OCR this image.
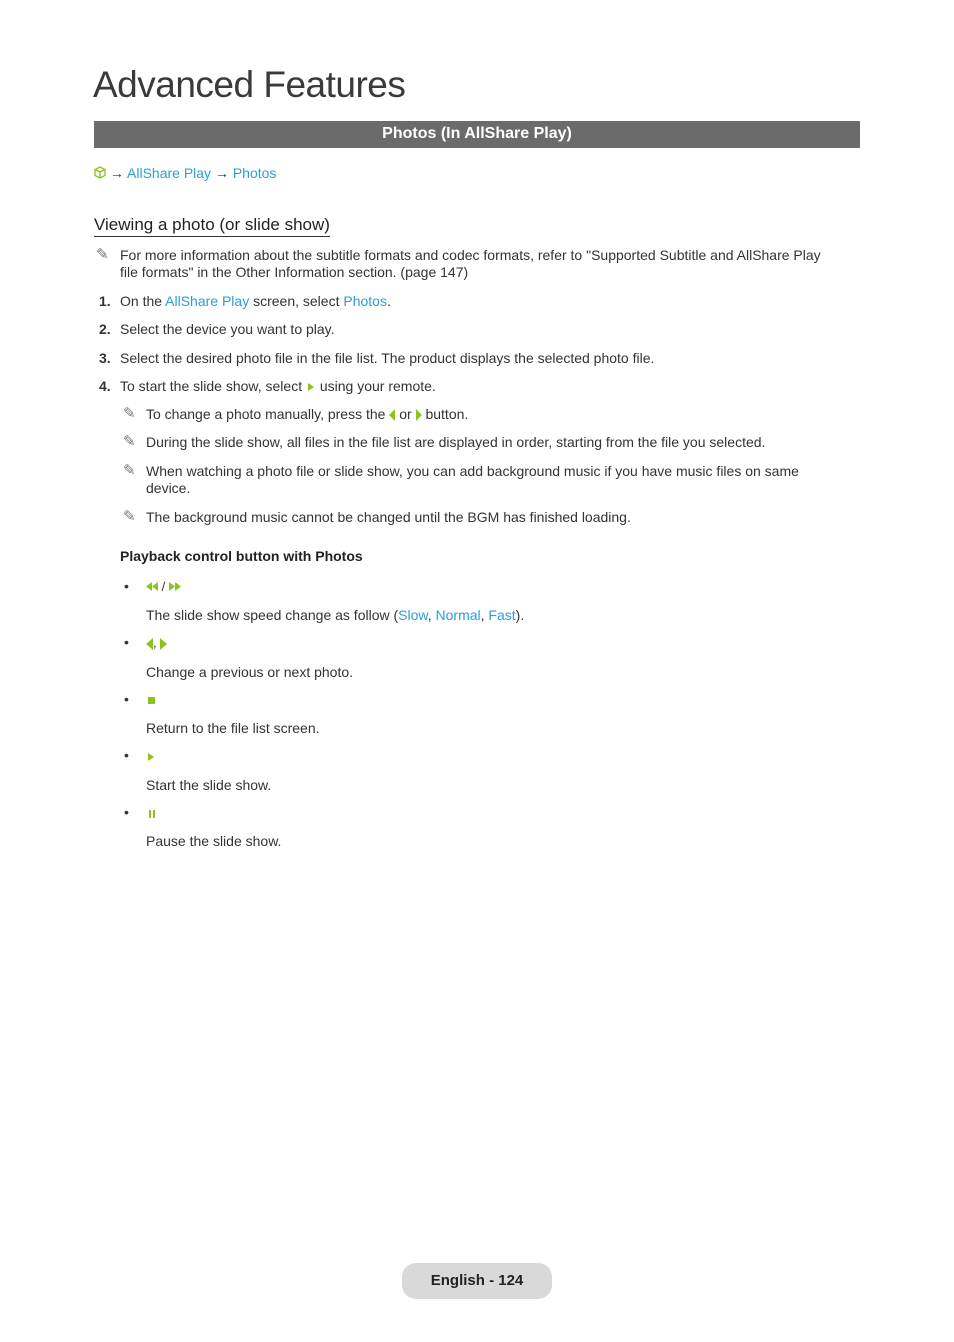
Advanced Features
Photos (In AllShare Play)
→ AllShare Play → Photos
Viewing a photo (or slide show)
✎ For more information about the subtitle formats and codec formats, refer to "Supported Subtitle and AllShare Play
file formats" in the Other Information section. (page 147)
1. On the AllShare Play screen, select Photos.
2. Select the device you want to play.
3. Select the desired photo file in the file list. The product displays the selected photo file.
4. To start the slide show, select  using your remote.
✎ To change a photo manually, press the  or  button.
✎ During the slide show, all files in the file list are displayed in order, starting from the file you selected.
✎ When watching a photo file or slide show, you can add background music if you have music files on same
device.
✎ The background music cannot be changed until the BGM has finished loading.
Playback control button with Photos
•	/
The slide show speed change as follow (Slow, Normal, Fast).
•	,
Change a previous or next photo.
•
Return to the file list screen.
•
Start the slide show.
•
Pause the slide show.
English - 124
